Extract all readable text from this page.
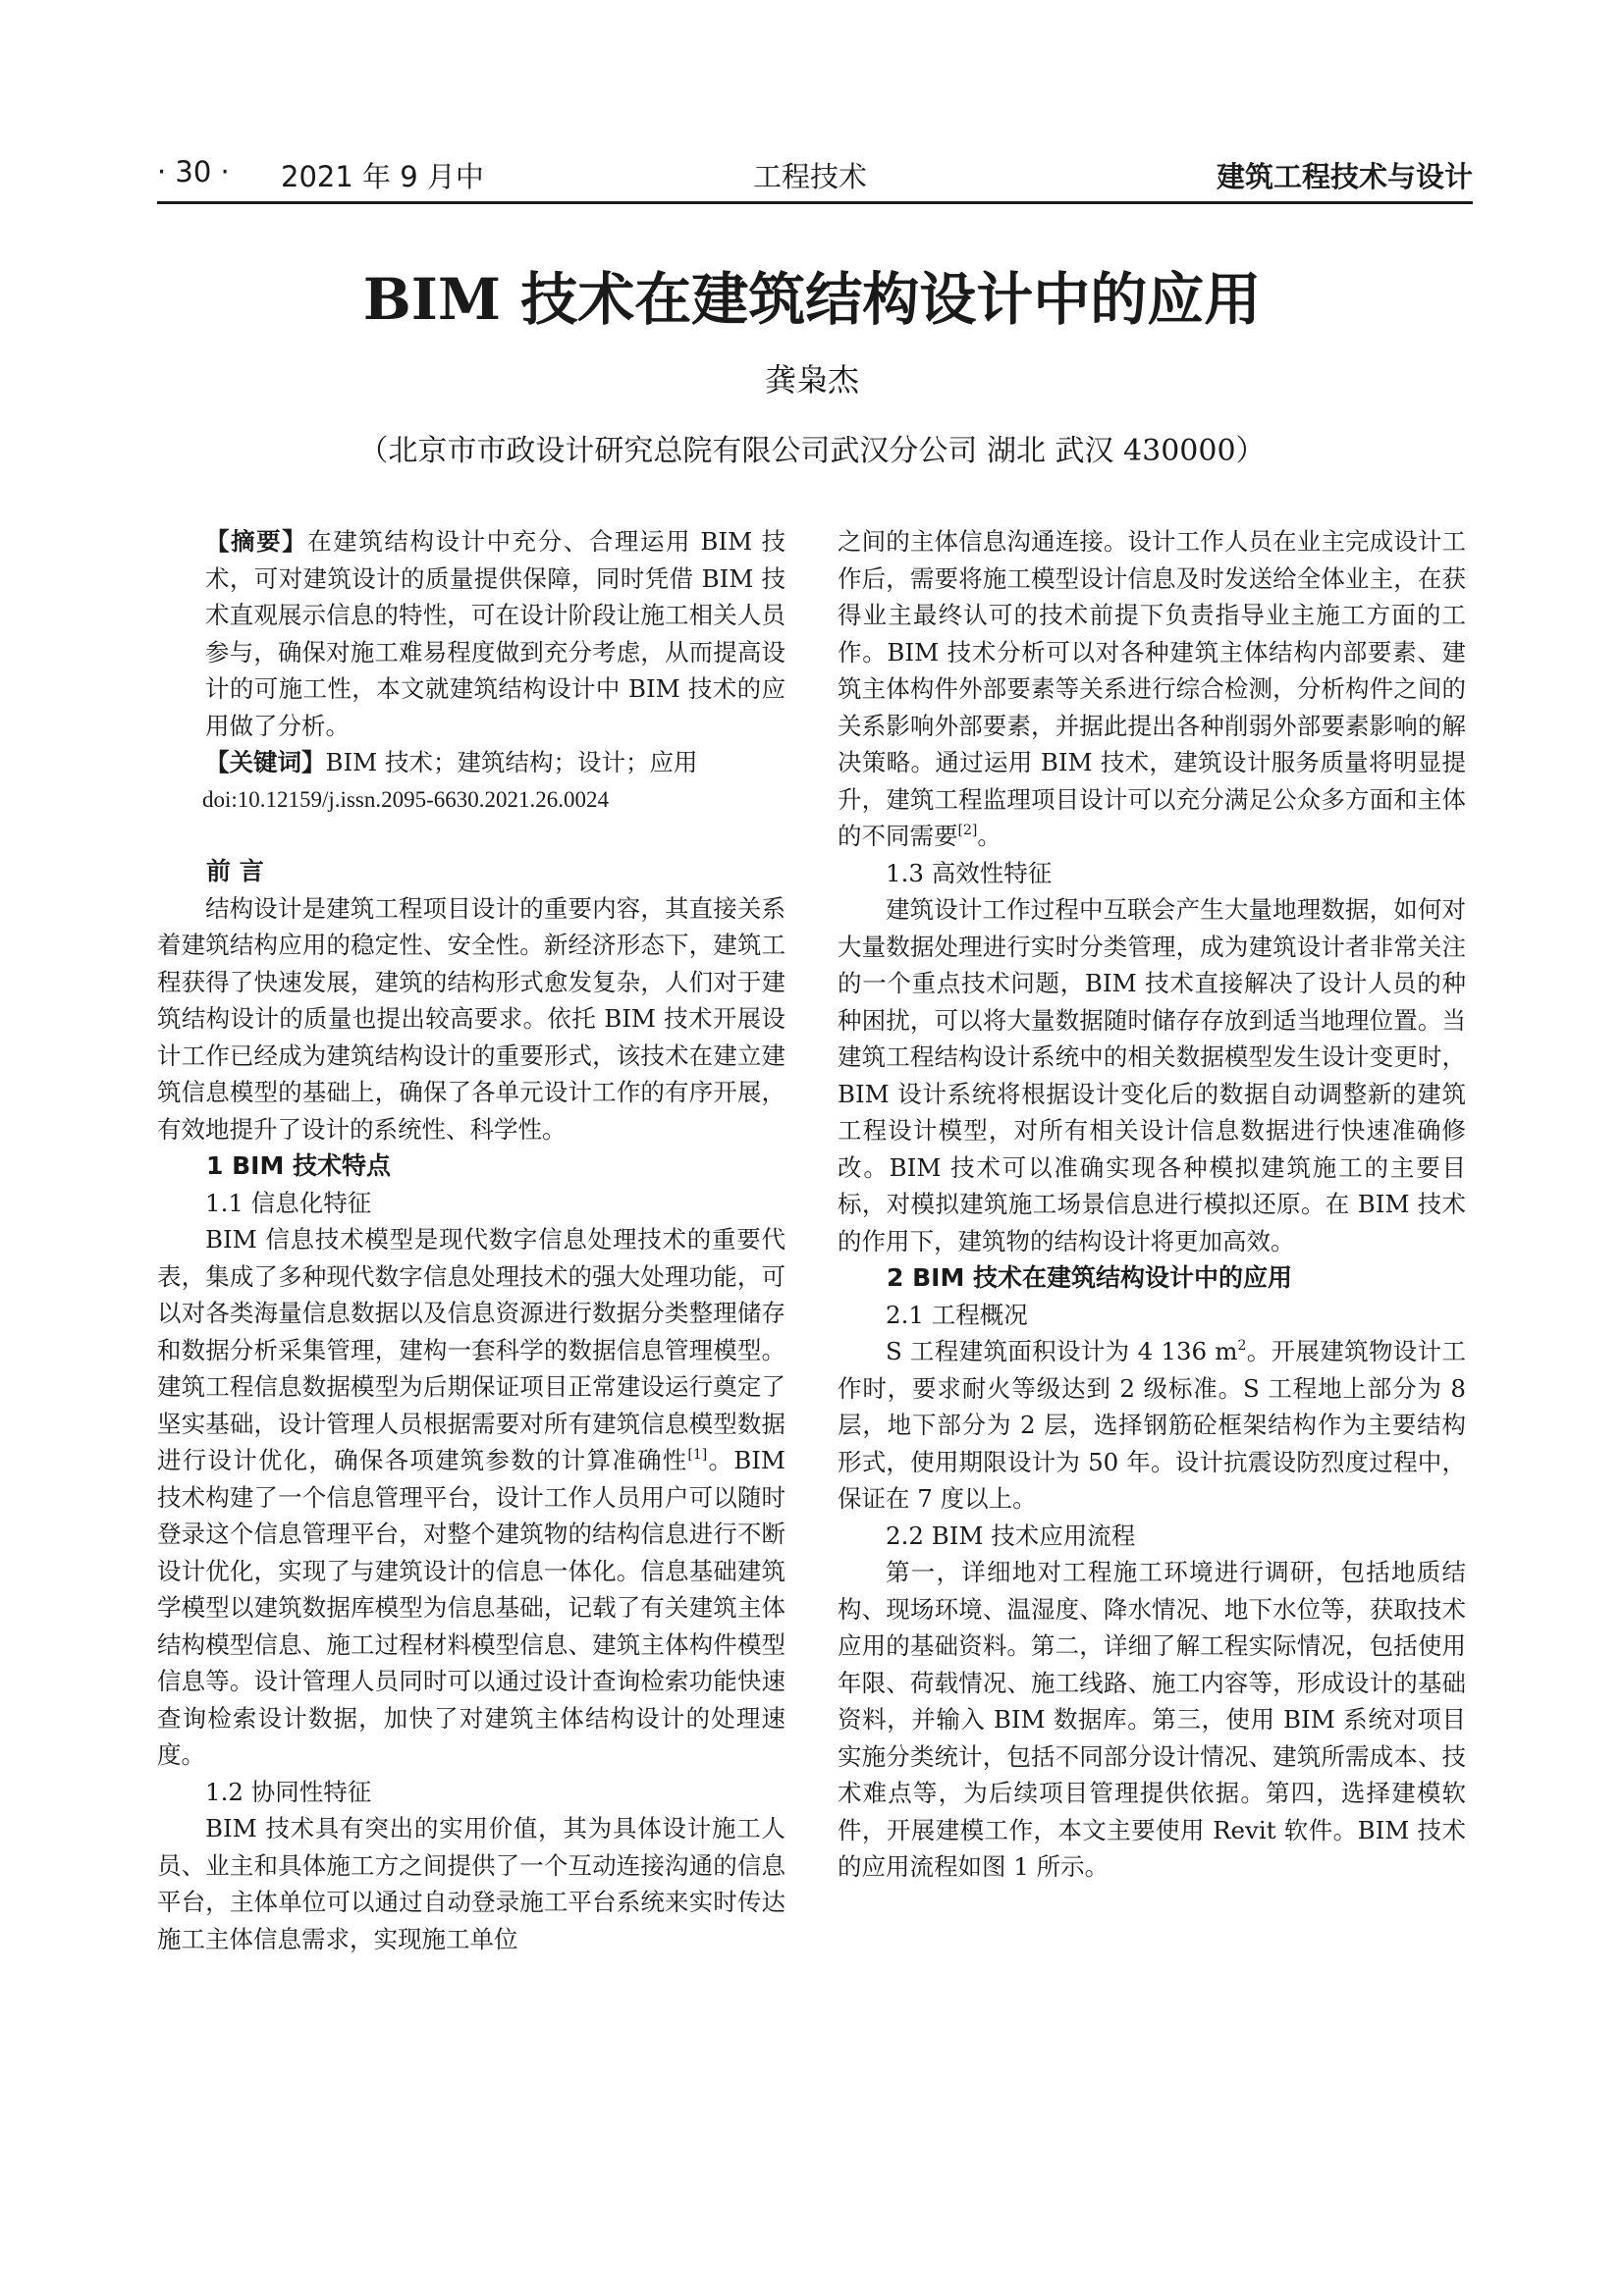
· 30 · 2021 年 9 月中	工程技术	建筑工程技术与设计
BIM 技术在建筑结构设计中的应用
龚枭杰
（北京市市政设计研究总院有限公司武汉分公司 湖北 武汉 430000）

【摘要】在建筑结构设计中充分、合理运用 BIM 技术，可对建筑设计的质量提供保障，同时凭借 BIM 技术直观展示信息的特性，可在设计阶段让施工相关人员参与，确保对施工难易程度做到充分考虑，从而提高设计的可施工性，本文就建筑结构设计中 BIM 技术的应用做了分析。

【关键词】BIM 技术；建筑结构；设计；应用

doi:10.12159/j.issn.2095-6630.2021.26.0024

前 言

结构设计是建筑工程项目设计的重要内容，其直接关系着建筑结构应用的稳定性、安全性。新经济形态下，建筑工程获得了快速发展，建筑的结构形式愈发复杂，人们对于建筑结构设计的质量也提出较高要求。依托 BIM 技术开展设计工作已经成为建筑结构设计的重要形式，该技术在建立建筑信息模型的基础上，确保了各单元设计工作的有序开展，有效地提升了设计的系统性、科学性。

1 BIM 技术特点
1.1 信息化特征

BIM 信息技术模型是现代数字信息处理技术的重要代表，集成了多种现代数字信息处理技术的强大处理功能，可以对各类海量信息数据以及信息资源进行数据分类整理储存和数据分析采集管理，建构一套科学的数据信息管理模型。建筑工程信息数据模型为后期保证项目正常建设运行奠定了坚实基础，设计管理人员根据需要对所有建筑信息模型数据进行设计优化，确保各项建筑参数的计算准确性[1]。BIM 技术构建了一个信息管理平台，设计工作人员用户可以随时登录这个信息管理平台，对整个建筑物的结构信息进行不断设计优化，实现了与建筑设计的信息一体化。信息基础建筑学模型以建筑数据库模型为信息基础，记载了有关建筑主体结构模型信息、施工过程材料模型信息、建筑主体构件模型信息等。设计管理人员同时可以通过设计查询检索功能快速查询检索设计数据，加快了对建筑主体结构设计的处理速度。

1.2 协同性特征

BIM 技术具有突出的实用价值，其为具体设计施工人员、业主和具体施工方之间提供了一个互动连接沟通的信息平台，主体单位可以通过自动登录施工平台系统来实时传达施工主体信息需求，实现施工单位

之间的主体信息沟通连接。设计工作人员在业主完成设计工作后，需要将施工模型设计信息及时发送给全体业主，在获得业主最终认可的技术前提下负责指导业主施工方面的工作。BIM 技术分析可以对各种建筑主体结构内部要素、建筑主体构件外部要素等关系进行综合检测，分析构件之间的关系影响外部要素，并据此提出各种削弱外部要素影响的解决策略。通过运用 BIM 技术，建筑设计服务质量将明显提升，建筑工程监理项目设计可以充分满足公众多方面和主体的不同需要[2]。

1.3 高效性特征

建筑设计工作过程中互联会产生大量地理数据，如何对大量数据处理进行实时分类管理，成为建筑设计者非常关注的一个重点技术问题，BIM 技术直接解决了设计人员的种种困扰，可以将大量数据随时储存存放到适当地理位置。当建筑工程结构设计系统中的相关数据模型发生设计变更时，BIM 设计系统将根据设计变化后的数据自动调整新的建筑工程设计模型，对所有相关设计信息数据进行快速准确修改。BIM 技术可以准确实现各种模拟建筑施工的主要目标，对模拟建筑施工场景信息进行模拟还原。在 BIM 技术的作用下，建筑物的结构设计将更加高效。

2 BIM 技术在建筑结构设计中的应用
2.1 工程概况

S 工程建筑面积设计为 4 136 $m^2$。开展建筑物设计工作时，要求耐火等级达到 2 级标准。S 工程地上部分为 8 层，地下部分为 2 层，选择钢筋砼框架结构作为主要结构形式，使用期限设计为 50 年。设计抗震设防烈度过程中，保证在 7 度以上。

2.2 BIM 技术应用流程

第一，详细地对工程施工环境进行调研，包括地质结构、现场环境、温湿度、降水情况、地下水位等，获取技术应用的基础资料。第二，详细了解工程实际情况，包括使用年限、荷载情况、施工线路、施工内容等，形成设计的基础资料，并输入 BIM 数据库。第三，使用 BIM 系统对项目实施分类统计，包括不同部分设计情况、建筑所需成本、技术难点等，为后续项目管理提供依据。第四，选择建模软件，开展建模工作，本文主要使用 Revit 软件。BIM 技术的应用流程如图 1 所示。
